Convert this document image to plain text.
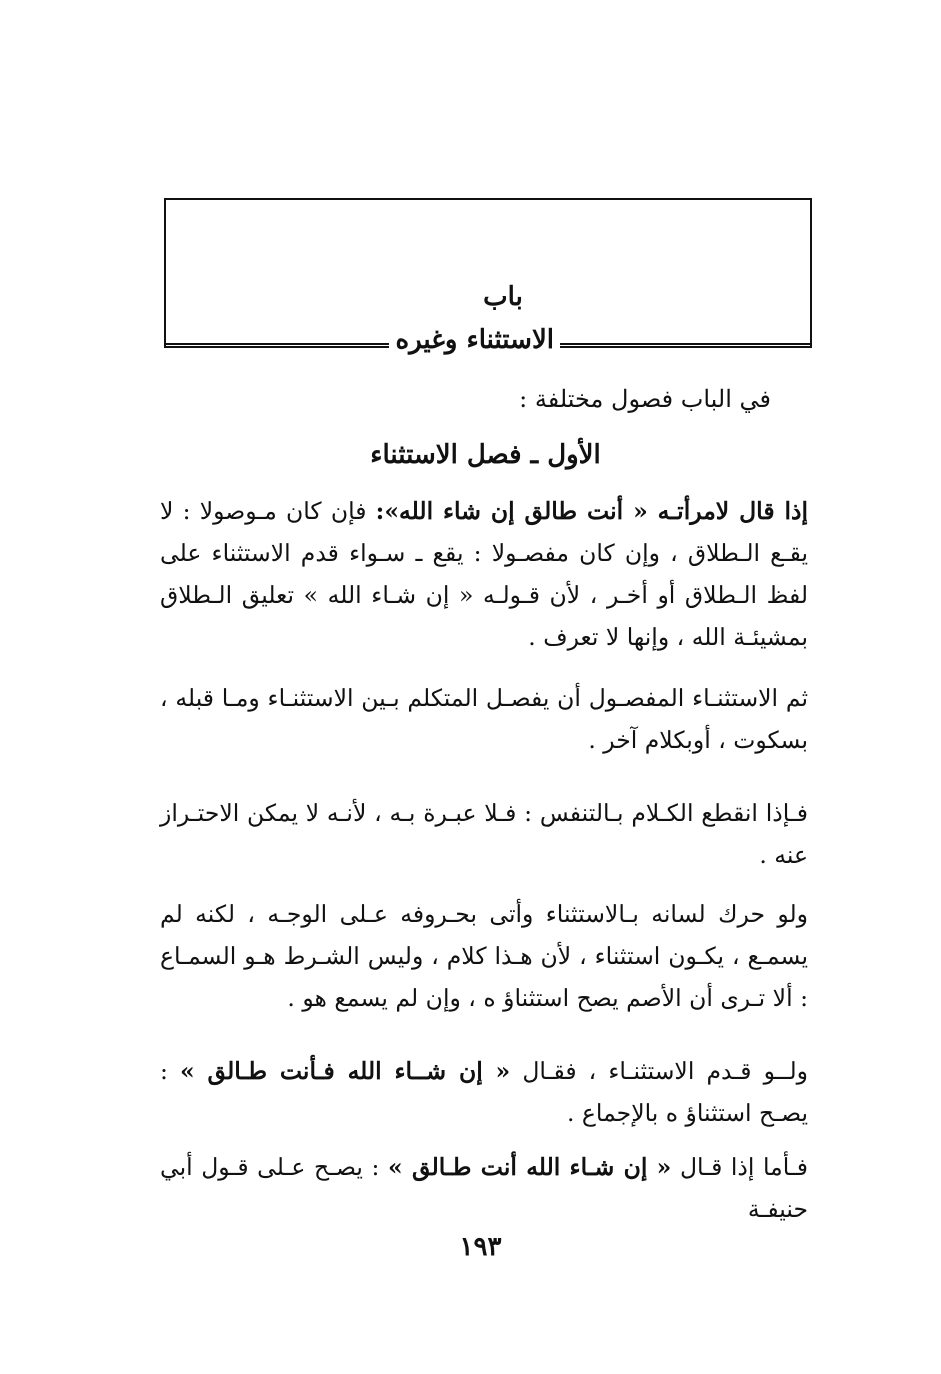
باب
الاستثناء وغيره
في الباب فصول مختلفة :
الأول ـ فصل الاستثناء
إذا قال لامرأتـه « أنت طالق إن شاء الله»: فإن كان مـوصولا : لا يقـع الـطلاق ، وإن كان مفصـولا : يقع ـ سـواء قدم الاستثناء على لفظ الـطلاق أو أخـر ، لأن قـولـه « إن شـاء الله » تعليق الـطلاق بمشيئـة الله ، وإنها لا تعرف .
ثم الاستثنـاء المفصـول أن يفصـل المتكلم بـين الاستثنـاء ومـا قبله ، بسكوت ، أوبكلام آخر .
فـإذا انقطع الكـلام بـالتنفس : فـلا عبـرة بـه ، لأنـه لا يمكن الاحتـراز عنه .
ولو حرك لسانه بـالاستثناء وأتى بحـروفه عـلى الوجـه ، لكنه لم يسمـع ، يكـون استثناء ، لأن هـذا كلام ، وليس الشـرط هـو السمـاع : ألا تـرى أن الأصم يصح استثناؤ ه ، وإن لم يسمع هو .
ولــو قـدم الاستثنـاء ، فقـال « إن شــاء الله فـأنت طـالق » : يصـح استثناؤ ه بالإجماع .
فـأما إذا قـال « إن شـاء الله أنت طـالق » : يصـح عـلى قـول أبي حنيفـة
١٩٣
